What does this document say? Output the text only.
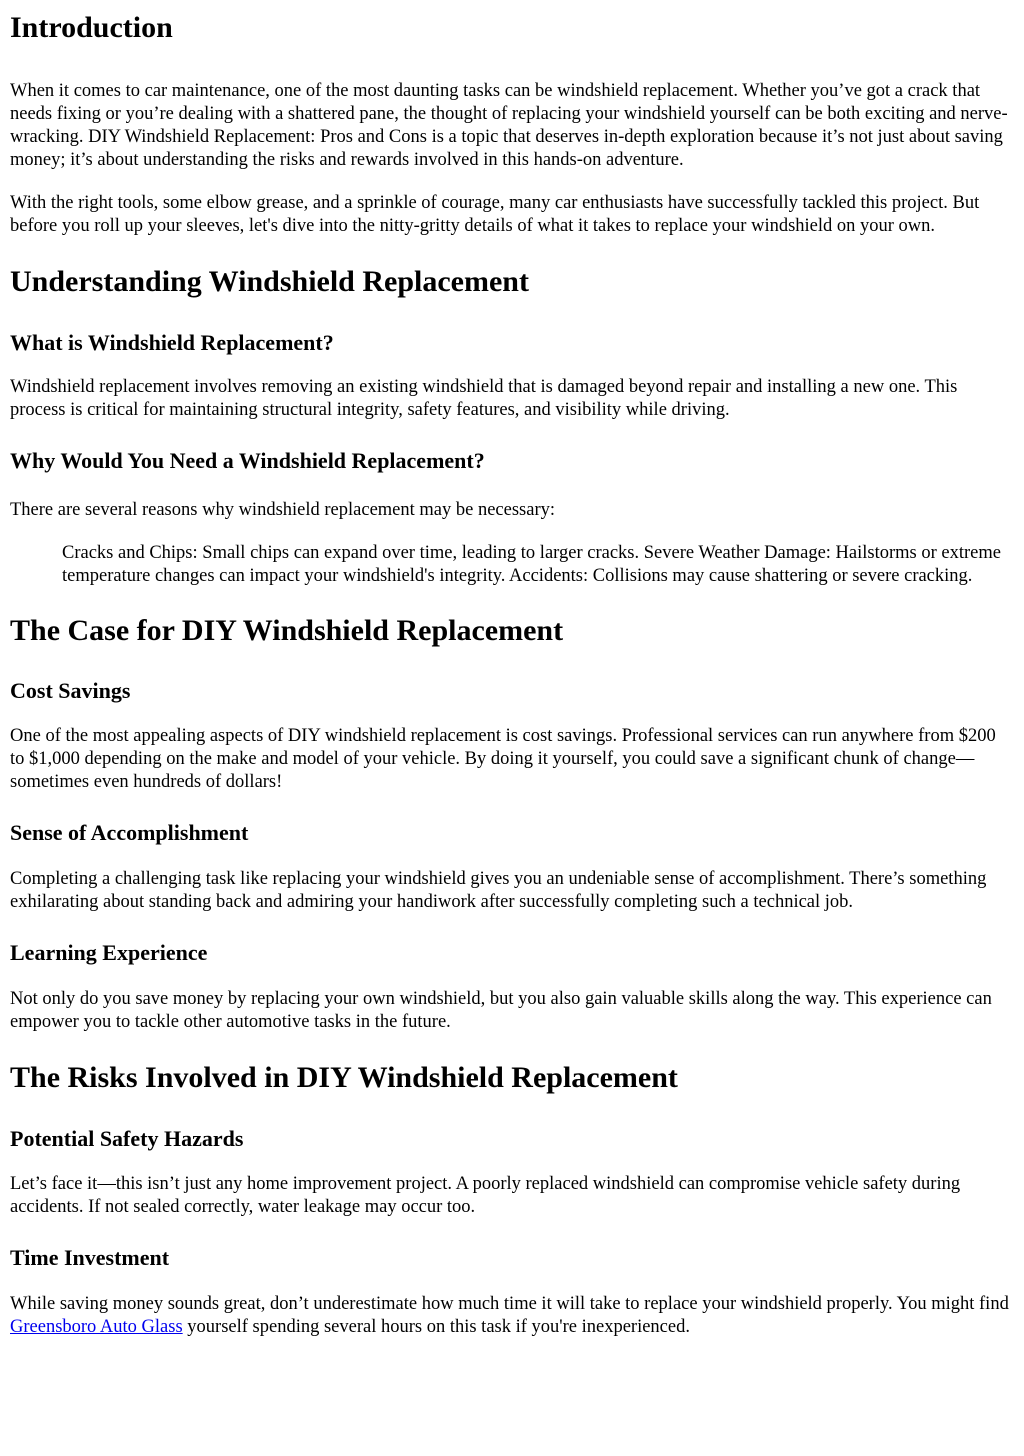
Introduction

When it comes to car maintenance, one of the most daunting tasks can be windshield replacement. Whether you’ve got a crack that needs fixing or you’re dealing with a shattered pane, the thought of replacing your windshield yourself can be both exciting and nerve-wracking. DIY Windshield Replacement: Pros and Cons is a topic that deserves in-depth exploration because it’s not just about saving money; it’s about understanding the risks and rewards involved in this hands-on adventure.

With the right tools, some elbow grease, and a sprinkle of courage, many car enthusiasts have successfully tackled this project. But before you roll up your sleeves, let's dive into the nitty-gritty details of what it takes to replace your windshield on your own.

Understanding Windshield Replacement
What is Windshield Replacement?

Windshield replacement involves removing an existing windshield that is damaged beyond repair and installing a new one. This process is critical for maintaining structural integrity, safety features, and visibility while driving.

Why Would You Need a Windshield Replacement?

There are several reasons why windshield replacement may be necessary:

Cracks and Chips: Small chips can expand over time, leading to larger cracks. Severe Weather Damage: Hailstorms or extreme temperature changes can impact your windshield's integrity. Accidents: Collisions may cause shattering or severe cracking.

The Case for DIY Windshield Replacement
Cost Savings

One of the most appealing aspects of DIY windshield replacement is cost savings. Professional services can run anywhere from $200 to $1,000 depending on the make and model of your vehicle. By doing it yourself, you could save a significant chunk of change—sometimes even hundreds of dollars!

Sense of Accomplishment

Completing a challenging task like replacing your windshield gives you an undeniable sense of accomplishment. There’s something exhilarating about standing back and admiring your handiwork after successfully completing such a technical job.

Learning Experience

Not only do you save money by replacing your own windshield, but you also gain valuable skills along the way. This experience can empower you to tackle other automotive tasks in the future.

The Risks Involved in DIY Windshield Replacement
Potential Safety Hazards

Let’s face it—this isn’t just any home improvement project. A poorly replaced windshield can compromise vehicle safety during accidents. If not sealed correctly, water leakage may occur too.

Time Investment

While saving money sounds great, don’t underestimate how much time it will take to replace your windshield properly. You might find Greensboro Auto Glass yourself spending several hours on this task if you're inexperienced.
